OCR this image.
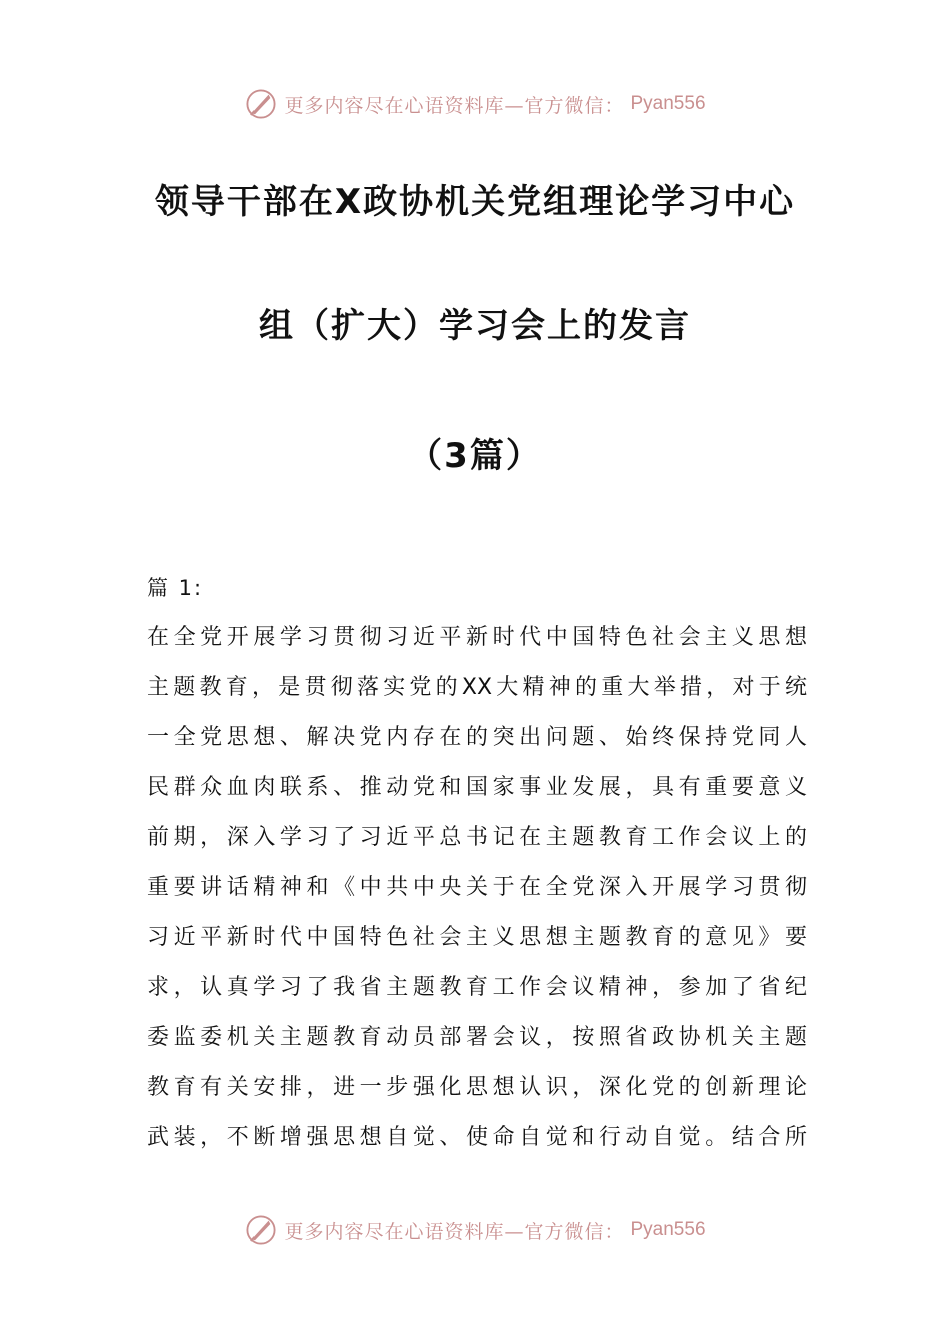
更多内容尽在心语资料库—官方微信： Pyan556
领导干部在X政协机关党组理论学习中心
组（扩大）学习会上的发言
（3篇）
篇 1:
在全党开展学习贯彻习近平新时代中国特色社会主义思想
主题教育，是贯彻落实党的XX大精神的重大举措，对于统
一全党思想、解决党内存在的突出问题、始终保持党同人
民群众血肉联系、推动党和国家事业发展，具有重要意义
前期，深入学习了习近平总书记在主题教育工作会议上的
重要讲话精神和《中共中央关于在全党深入开展学习贯彻
习近平新时代中国特色社会主义思想主题教育的意见》要
求，认真学习了我省主题教育工作会议精神，参加了省纪
委监委机关主题教育动员部署会议，按照省政协机关主题
教育有关安排，进一步强化思想认识，深化党的创新理论
武装，不断增强思想自觉、使命自觉和行动自觉。结合所
更多内容尽在心语资料库—官方微信： Pyan556
